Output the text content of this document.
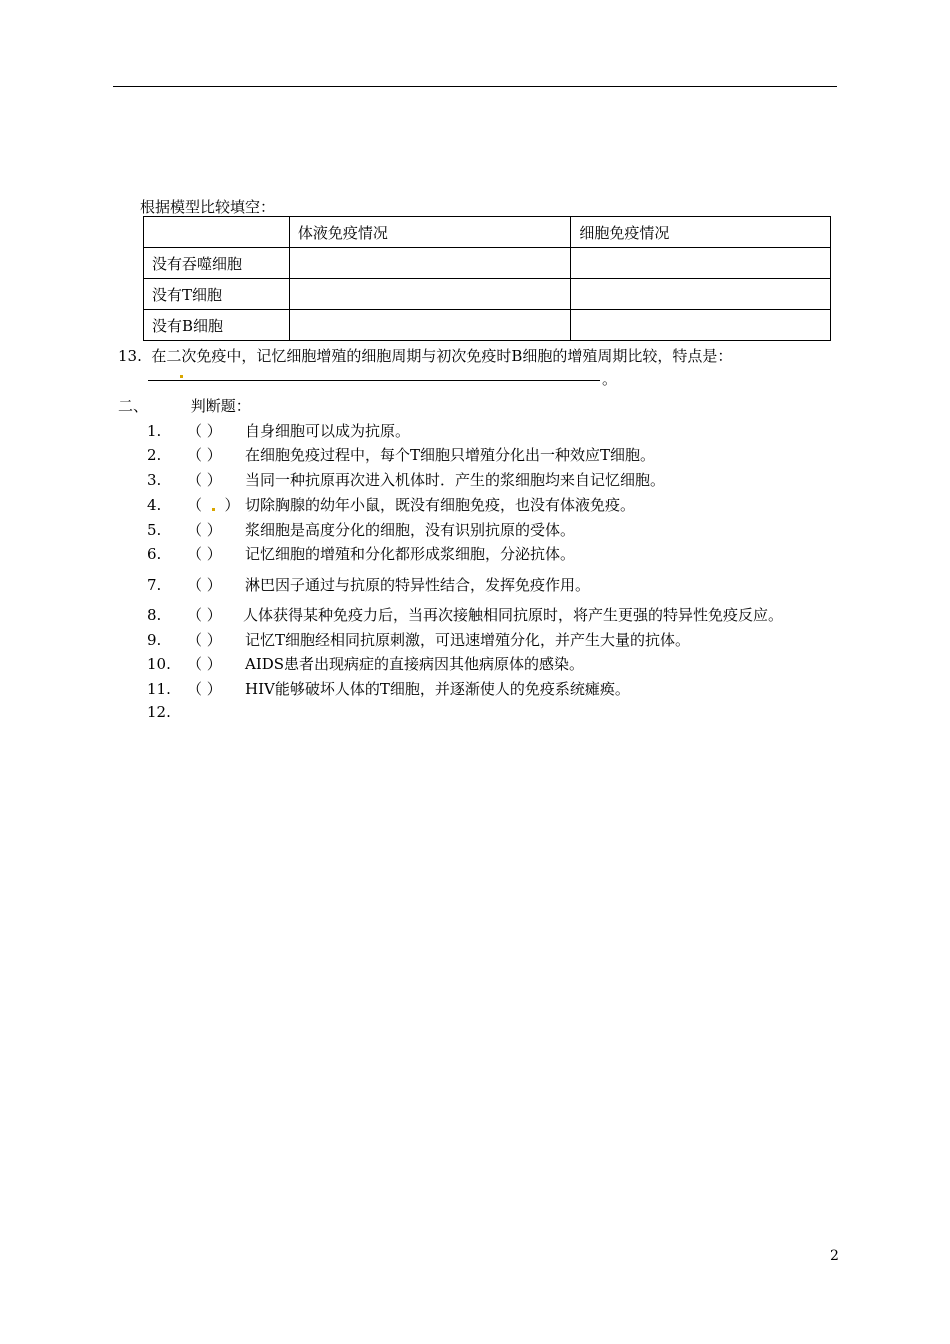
根据模型比较填空：
	体液免疫情况	细胞免疫情况
没有吞噬细胞		
没有T细胞		
没有B细胞		
13. 在二次免疫中，记忆细胞增殖的细胞周期与初次免疫时B细胞的增殖周期比较，特点是：
。
二、	判断题：
1. （ ） 自身细胞可以成为抗原。
2. （ ） 在细胞免疫过程中，每个T细胞只增殖分化出一种效应T细胞。
3. （ ） 当同一种抗原再次进入机体时．产生的浆细胞均来自记忆细胞。
4. （  ） 切除胸腺的幼年小鼠，既没有细胞免疫，也没有体液免疫。
5. （ ） 浆细胞是高度分化的细胞，没有识别抗原的受体。
6. （ ） 记忆细胞的增殖和分化都形成浆细胞，分泌抗体。
7. （ ） 淋巴因子通过与抗原的特异性结合，发挥免疫作用。
8. （ ） 人体获得某种免疫力后，当再次接触相同抗原时，将产生更强的特异性免疫反应。
9. （ ） 记忆T细胞经相同抗原刺激，可迅速增殖分化，并产生大量的抗体。
10. （ ） AIDS患者出现病症的直接病因其他病原体的感染。
11. （ ） HIV能够破坏人体的T细胞，并逐渐使人的免疫系统瘫痪。
12.
2
